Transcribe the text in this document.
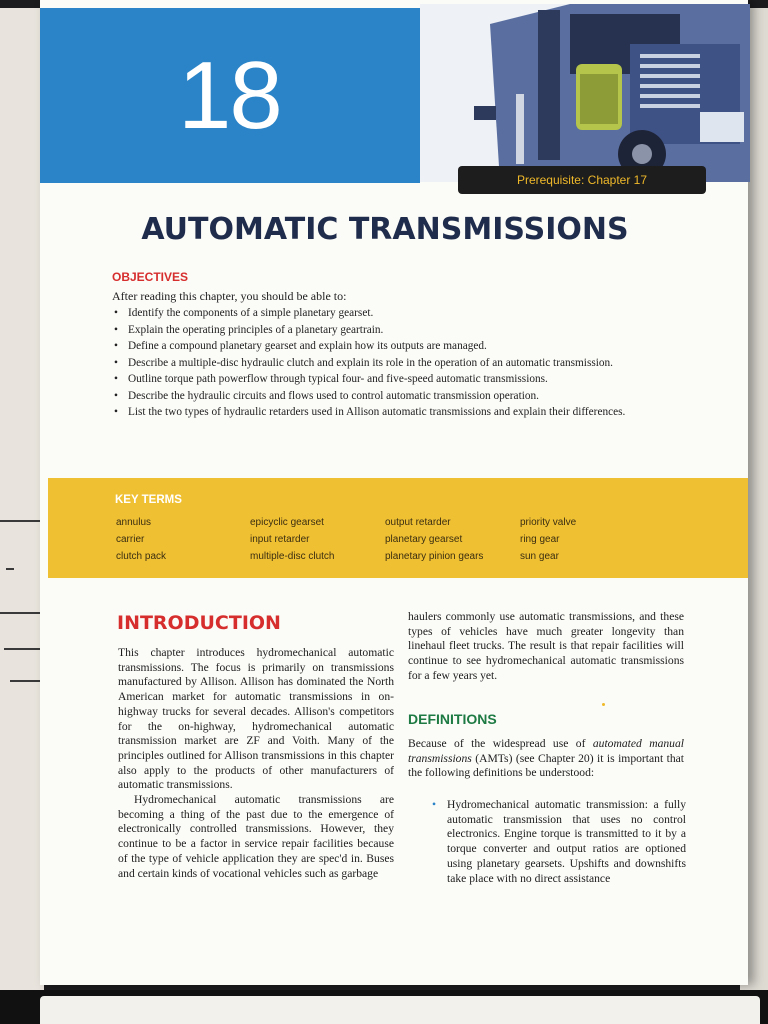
18
Prerequisite: Chapter 17
AUTOMATIC TRANSMISSIONS
OBJECTIVES
After reading this chapter, you should be able to:
• Identify the components of a simple planetary gearset.
• Explain the operating principles of a planetary geartrain.
• Define a compound planetary gearset and explain how its outputs are managed.
• Describe a multiple-disc hydraulic clutch and explain its role in the operation of an automatic transmission.
• Outline torque path powerflow through typical four- and five-speed automatic transmissions.
• Describe the hydraulic circuits and flows used to control automatic transmission operation.
• List the two types of hydraulic retarders used in Allison automatic transmissions and explain their differences.
KEY TERMS
annulus
carrier
clutch pack
epicyclic gearset
input retarder
multiple-disc clutch
output retarder
planetary gearset
planetary pinion gears
priority valve
ring gear
sun gear
INTRODUCTION

This chapter introduces hydromechanical automatic transmissions. The focus is primarily on transmissions manufactured by Allison. Allison has dominated the North American market for automatic transmissions in on-highway trucks for several decades. Allison's competitors for the on-highway, hydromechanical automatic transmission market are ZF and Voith. Many of the principles outlined for Allison transmissions in this chapter also apply to the products of other manufacturers of automatic transmissions.

Hydromechanical automatic transmissions are becoming a thing of the past due to the emergence of electronically controlled transmissions. However, they continue to be a factor in service repair facilities because of the type of vehicle application they are spec'd in. Buses and certain kinds of vocational vehicles such as garbage

haulers commonly use automatic transmissions, and these types of vehicles have much greater longevity than linehaul fleet trucks. The result is that repair facilities will continue to see hydromechanical automatic transmissions for a few years yet.

DEFINITIONS

Because of the widespread use of automated manual transmissions (AMTs) (see Chapter 20) it is important that the following definitions be understood:

• Hydromechanical automatic transmission: a fully automatic transmission that uses no control electronics. Engine torque is transmitted to it by a torque converter and output ratios are optioned using planetary gearsets. Upshifts and downshifts take place with no direct assistance
